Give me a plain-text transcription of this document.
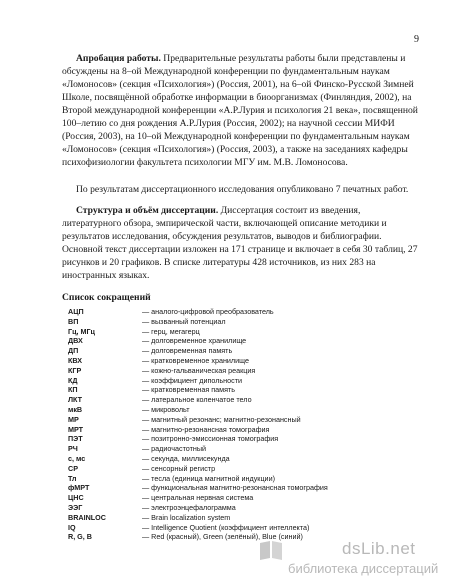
9

Апробация работы. Предварительные результаты работы были представлены и обсуждены на 8–ой Международной конференции по фундаментальным наукам «Ломоносов» (секция «Психология») (Россия, 2001), на 6–ой Финско-Русской Зимней Школе, посвящённой обработке информации в биоорганизмах (Финляндия, 2002), на Второй международной конференции «А.Р.Лурия и психология 21 века», посвященной 100–летию со дня рождения А.Р.Лурия (Россия, 2002); на научной сессии МИФИ (Россия, 2003), на 10–ой Международной конференции по фундаментальным наукам «Ломоносов» (секция «Психология») (Россия, 2003), а также на заседаниях кафедры психофизиологии факультета психологии МГУ им. М.В. Ломоносова.

По результатам диссертационного исследования опубликовано 7 печатных работ.

Структура и объём диссертации. Диссертация состоит из введения, литературного обзора, эмпирической части, включающей описание методики и результатов исследования, обсуждения результатов, выводов и библиографии. Основной текст диссертации изложен на 171 странице и включает в себя 30 таблиц, 27 рисунков и 20 графиков. В списке литературы 428 источников, из них 283 на иностранных языках.

Список сокращений
АЦП	— аналого-цифровой преобразователь
ВП	— вызванный потенциал
Гц, МГц	— герц, мегагерц
ДВХ	— долговременное хранилище
ДП	— долговременная память
КВХ	— кратковременное хранилище
КГР	— кожно-гальваническая реакция
КД	— коэффициент дипольности
КП	— кратковременная память
ЛКТ	— латеральное коленчатое тело
мкВ	— микровольт
МР	— магнитный резонанс; магнитно-резонансный
МРТ	— магнитно-резонансная томография
ПЭТ	— позитронно-эмиссионная томография
РЧ	— радиочастотный
с, мс	— секунда, миллисекунда
СР	— сенсорный регистр
Тл	— тесла (единица магнитной индукции)
фМРТ	— функциональная магнитно-резонансная томография
ЦНС	— центральная нервная система
ЭЭГ	— электроэнцефалограмма
BRAINLOC	— Brain localization system
IQ	— Intelligence Quotient (коэффициент интеллекта)
R, G, B	— Red (красный), Green (зелёный), Blue (синий)
dsLib.net
библиотека диссертаций
